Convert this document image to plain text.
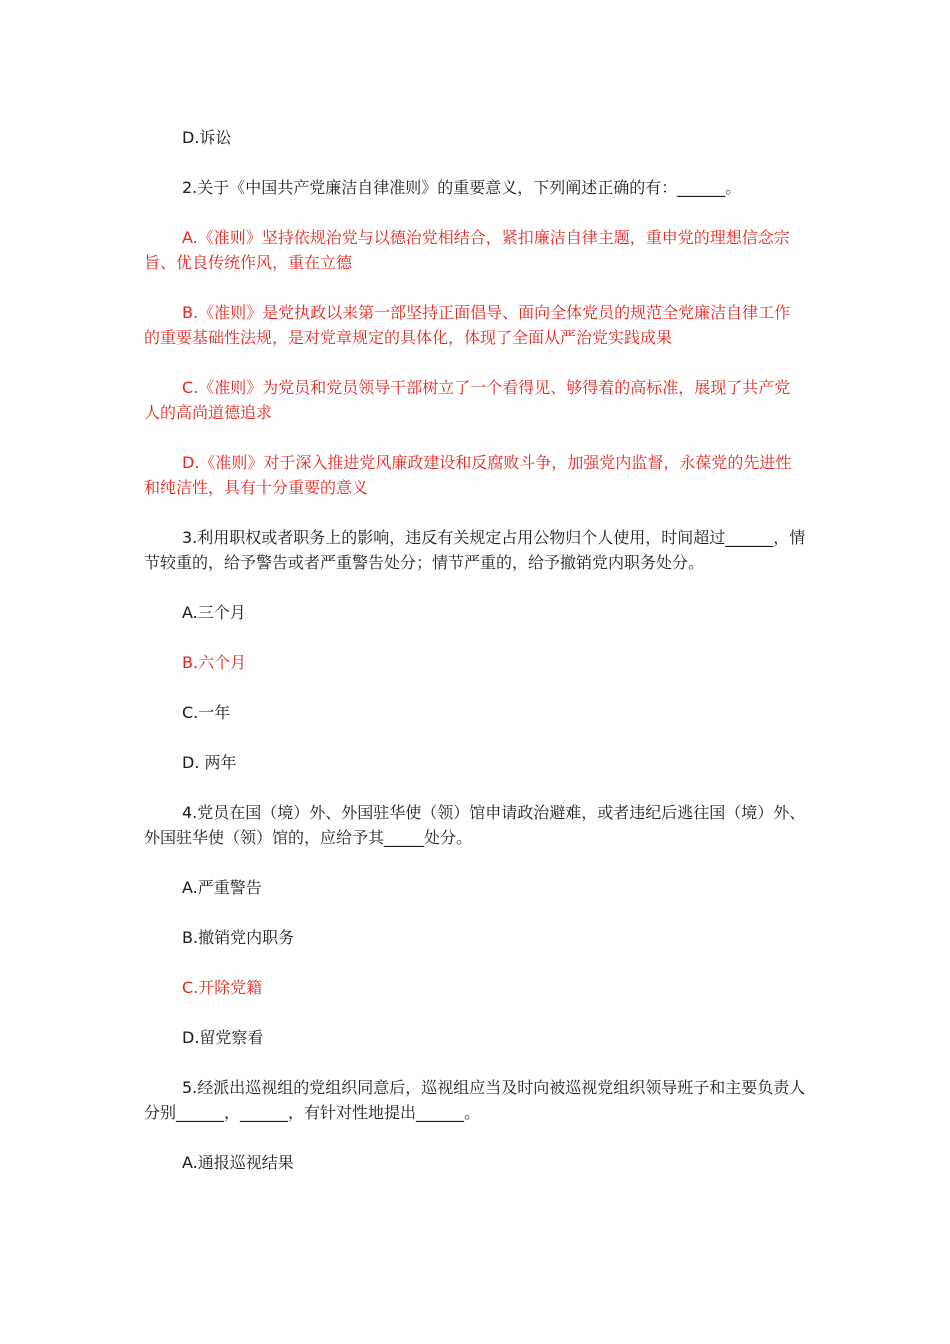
D.诉讼

2.关于《中国共产党廉洁自律准则》的重要意义，下列阐述正确的有：______。

A.《准则》坚持依规治党与以德治党相结合，紧扣廉洁自律主题，重申党的理想信念宗旨、优良传统作风，重在立德

B.《准则》是党执政以来第一部坚持正面倡导、面向全体党员的规范全党廉洁自律工作的重要基础性法规，是对党章规定的具体化，体现了全面从严治党实践成果

C.《准则》为党员和党员领导干部树立了一个看得见、够得着的高标准，展现了共产党人的高尚道德追求

D.《准则》对于深入推进党风廉政建设和反腐败斗争，加强党内监督，永葆党的先进性和纯洁性，具有十分重要的意义

3.利用职权或者职务上的影响，违反有关规定占用公物归个人使用，时间超过______，情节较重的，给予警告或者严重警告处分；情节严重的，给予撤销党内职务处分。

A.三个月

B.六个月

C.一年

D. 两年

4.党员在国（境）外、外国驻华使（领）馆申请政治避难，或者违纪后逃往国（境）外、外国驻华使（领）馆的，应给予其_____处分。

A.严重警告

B.撤销党内职务

C.开除党籍

D.留党察看

5.经派出巡视组的党组织同意后，巡视组应当及时向被巡视党组织领导班子和主要负责人分别______，______，有针对性地提出______。

A.通报巡视结果
